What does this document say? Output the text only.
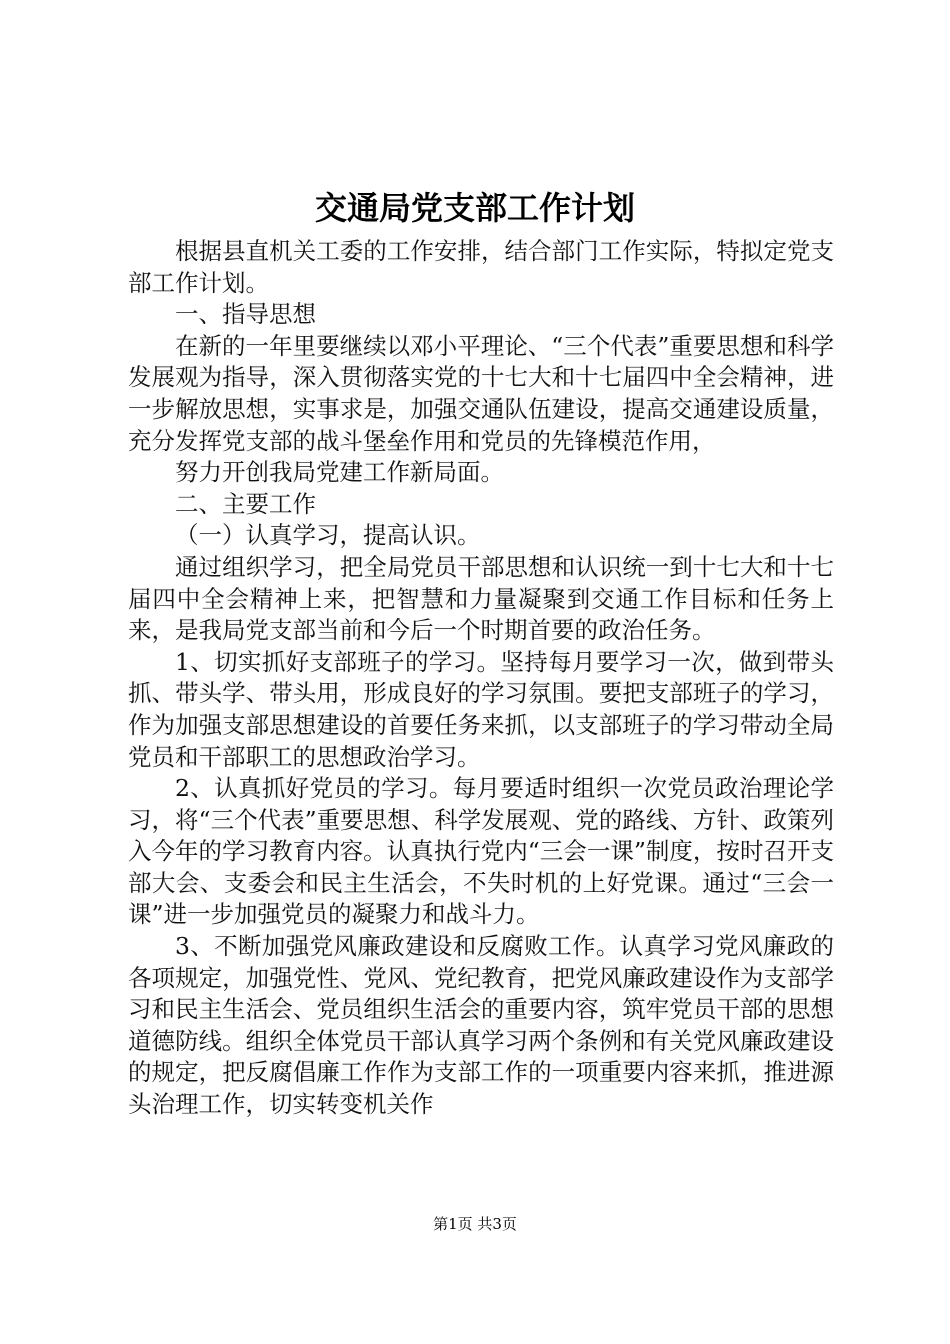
交通局党支部工作计划

根据县直机关工委的工作安排，结合部门工作实际，特拟定党支部工作计划。

一、指导思想

在新的一年里要继续以邓小平理论、“三个代表”重要思想和科学发展观为指导，深入贯彻落实党的十七大和十七届四中全会精神，进一步解放思想，实事求是，加强交通队伍建设，提高交通建设质量，充分发挥党支部的战斗堡垒作用和党员的先锋模范作用，

努力开创我局党建工作新局面。

二、主要工作

（一）认真学习，提高认识。

通过组织学习，把全局党员干部思想和认识统一到十七大和十七届四中全会精神上来，把智慧和力量凝聚到交通工作目标和任务上来，是我局党支部当前和今后一个时期首要的政治任务。

1、切实抓好支部班子的学习。坚持每月要学习一次，做到带头抓、带头学、带头用，形成良好的学习氛围。要把支部班子的学习，作为加强支部思想建设的首要任务来抓，以支部班子的学习带动全局党员和干部职工的思想政治学习。

2、认真抓好党员的学习。每月要适时组织一次党员政治理论学习，将“三个代表”重要思想、科学发展观、党的路线、方针、政策列入今年的学习教育内容。认真执行党内“三会一课”制度，按时召开支部大会、支委会和民主生活会，不失时机的上好党课。通过“三会一课”进一步加强党员的凝聚力和战斗力。

3、不断加强党风廉政建设和反腐败工作。认真学习党风廉政的各项规定，加强党性、党风、党纪教育，把党风廉政建设作为支部学习和民主生活会、党员组织生活会的重要内容，筑牢党员干部的思想道德防线。组织全体党员干部认真学习两个条例和有关党风廉政建设的规定，把反腐倡廉工作作为支部工作的一项重要内容来抓，推进源头治理工作，切实转变机关作

第1页 共3页
